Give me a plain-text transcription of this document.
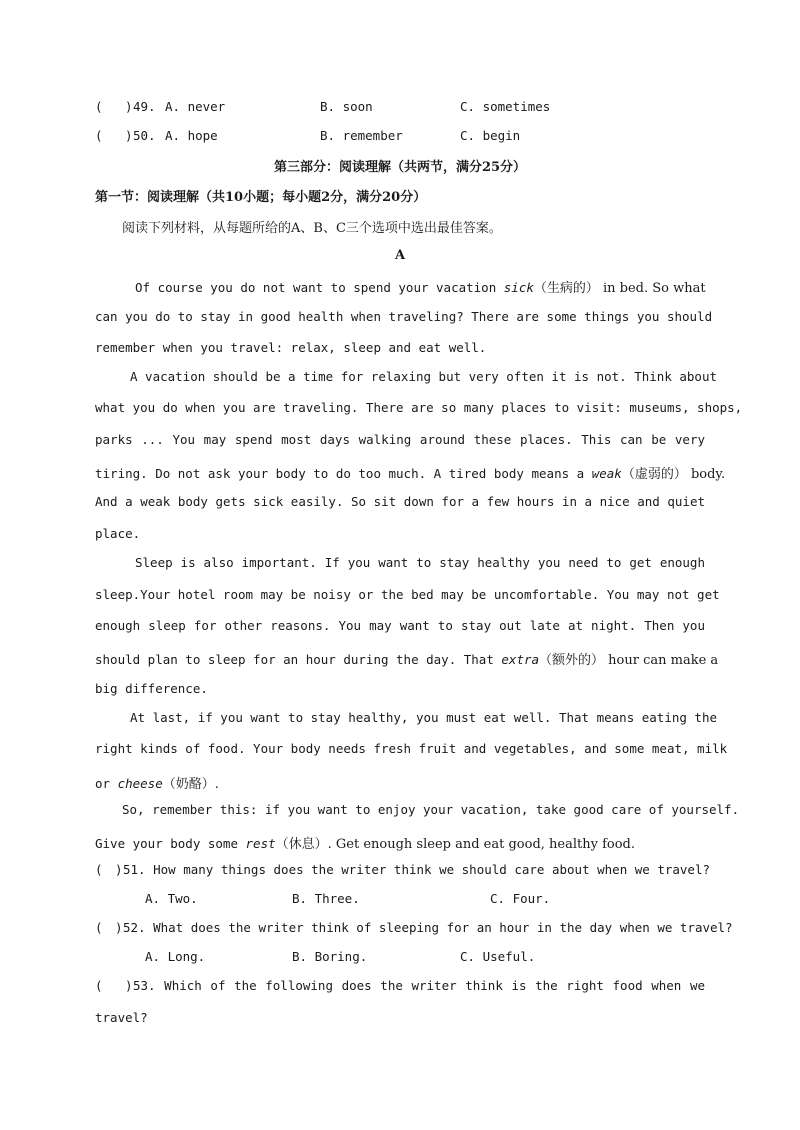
( ) 49. A. never	B. soon	C. sometimes
( ) 50. A. hope	B. remember	C. begin
第三部分：阅读理解（共两节，满分25分）
第一节：阅读理解（共10小题；每小题2分，满分20分）
阅读下列材料，从每题所给的A、B、C三个选项中选出最佳答案。
A
Of course you do not want to spend your vacation sick（生病的） in bed. So what
can you do to stay in good health when traveling? There are some things you should
remember when you travel: relax, sleep and eat well.
A vacation should be a time for relaxing but very often it is not. Think about
what you do when you are traveling. There are so many places to visit: museums, shops,
parks ... You may spend most days walking around these places. This can be very
tiring. Do not ask your body to do too much. A tired body means a weak（虚弱的） body.
And a weak body gets sick easily. So sit down for a few hours in a nice and quiet
place.
Sleep is also important. If you want to stay healthy you need to get enough
sleep.Your hotel room may be noisy or the bed may be uncomfortable. You may not get
enough sleep for other reasons. You may want to stay out late at night. Then you
should plan to sleep for an hour during the day. That extra（额外的） hour can make a
big difference.
At last, if you want to stay healthy, you must eat well. That means eating the
right kinds of food. Your body needs fresh fruit and vegetables, and some meat, milk
or cheese（奶酪）.
So, remember this: if you want to enjoy your vacation, take good care of yourself.
Give your body some rest（休息）. Get enough sleep and eat good, healthy food.
( ) 51. How many things does the writer think we should care about when we travel?
A. Two.	B. Three.	C. Four.
( ) 52. What does the writer think of sleeping for an hour in the day when we travel?
A. Long.	B. Boring.	C. Useful.
( ) 53. Which of the following does the writer think is the right food when we
travel?
